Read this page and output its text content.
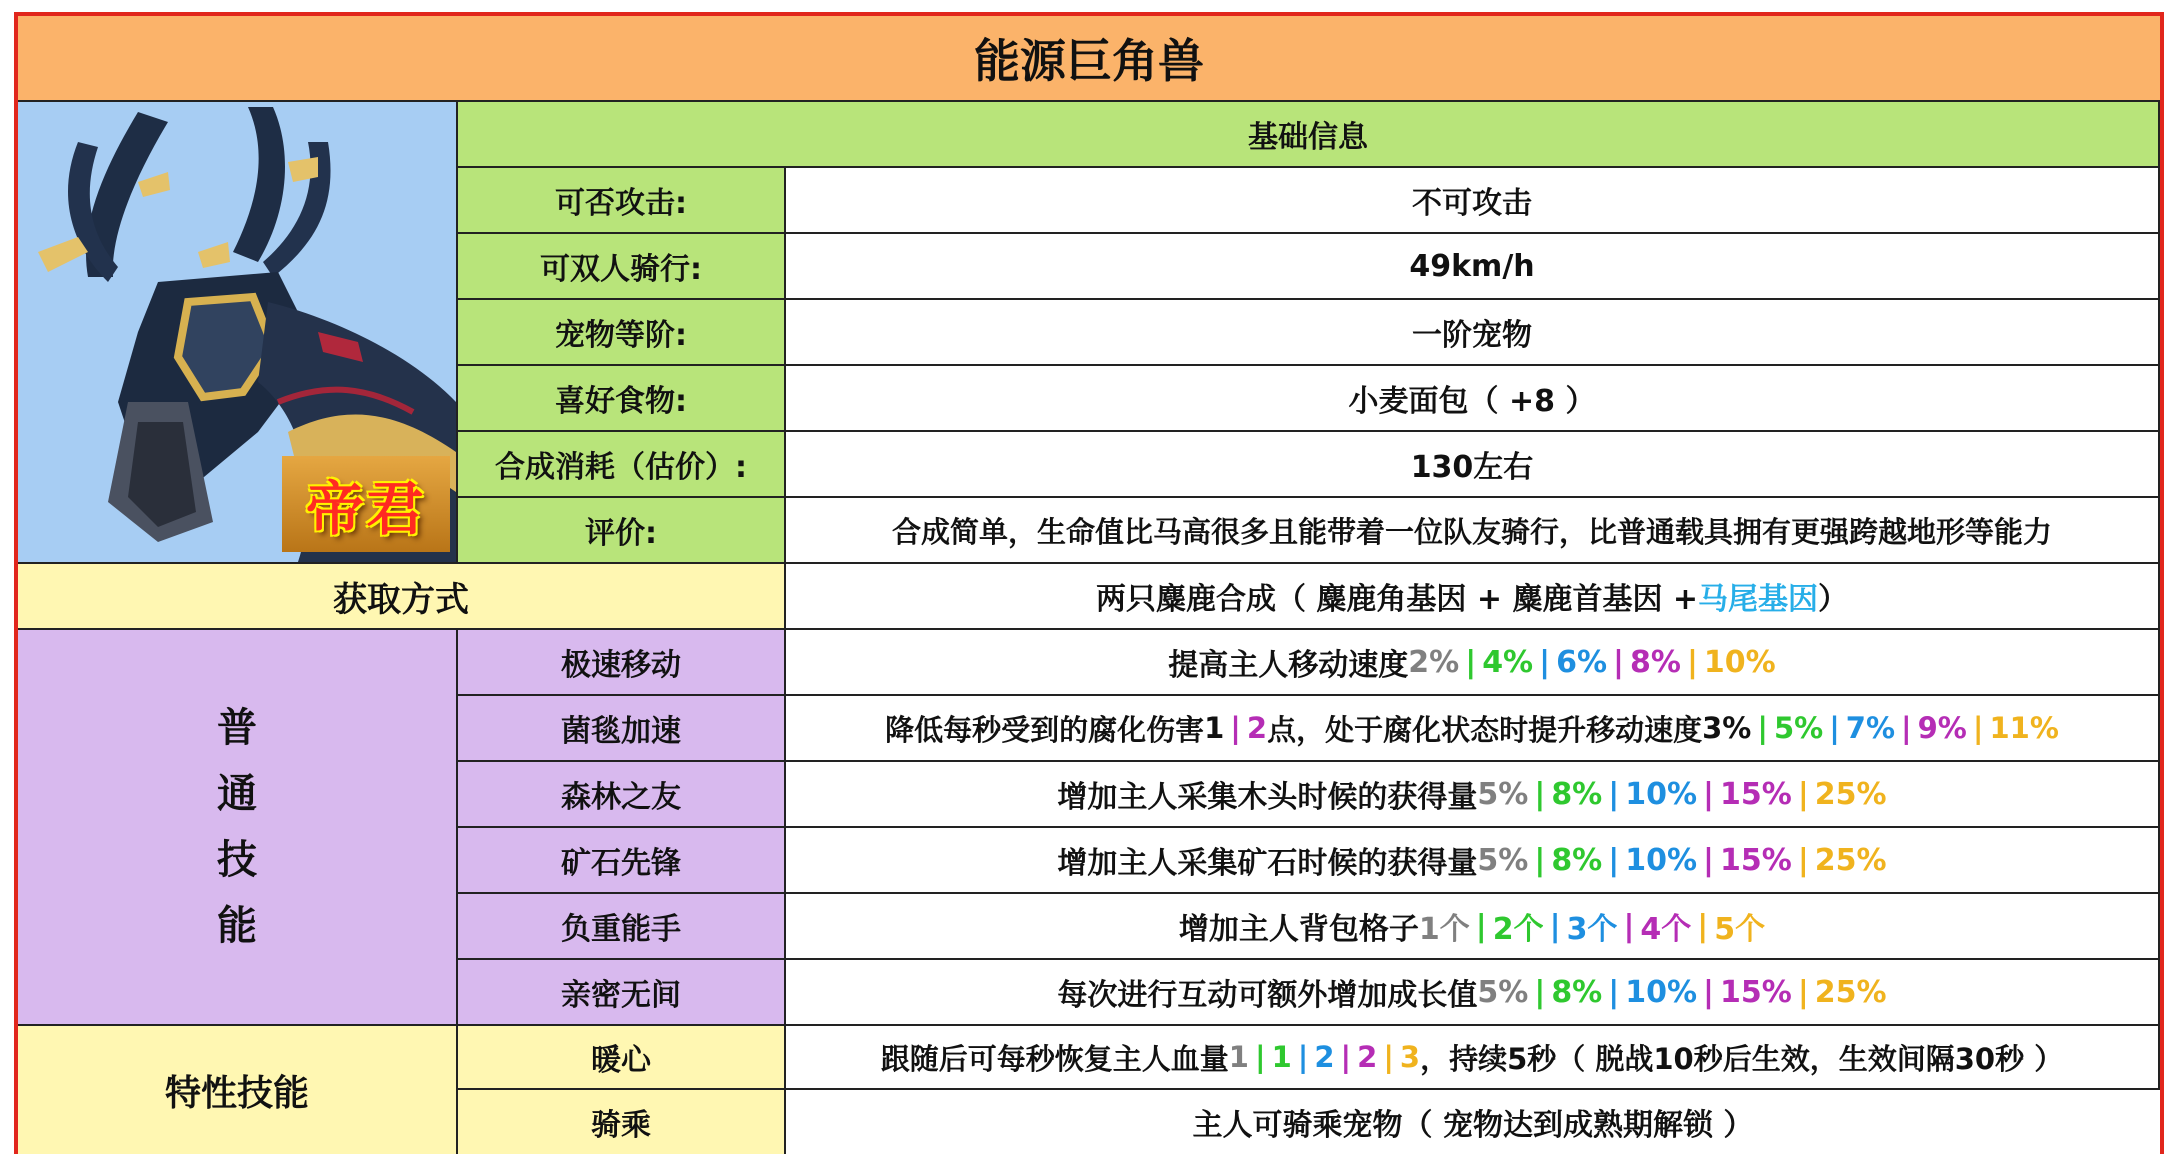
能源巨角兽
帝君
基础信息
可否攻击:	不可攻击
可双人骑行:	49km/h
宠物等阶:	一阶宠物
喜好食物:	小麦面包（ +8 ）
合成消耗（估价）:	130左右
评价:	合成简单，生命值比马高很多且能带着一位队友骑行，比普通载具拥有更强跨越地形等能力
获取方式	两只麋鹿合成（ 麋鹿角基因 + 麋鹿首基因 + 马尾基因 ）
普
通
技
能
极速移动	提高主人移动速度 2% | 4% | 6% | 8% | 10%
菌毯加速	降低每秒受到的腐化伤害 1 | 2 点，处于腐化状态时提升移动速度 3% | 5% | 7% | 9% | 11%
森林之友	增加主人采集木头时候的获得量 5% | 8% | 10% | 15% | 25%
矿石先锋	增加主人采集矿石时候的获得量 5% | 8% | 10% | 15% | 25%
负重能手	增加主人背包格子 1个 | 2个 | 3个 | 4个 | 5个
亲密无间	每次进行互动可额外增加成长值 5% | 8% | 10% | 15% | 25%
特性技能
暖心	跟随后可每秒恢复主人血量 1 | 1 | 2 | 2 | 3 ，持续5秒（ 脱战10秒后生效，生效间隔30秒 ）
骑乘	主人可骑乘宠物（ 宠物达到成熟期解锁 ）
